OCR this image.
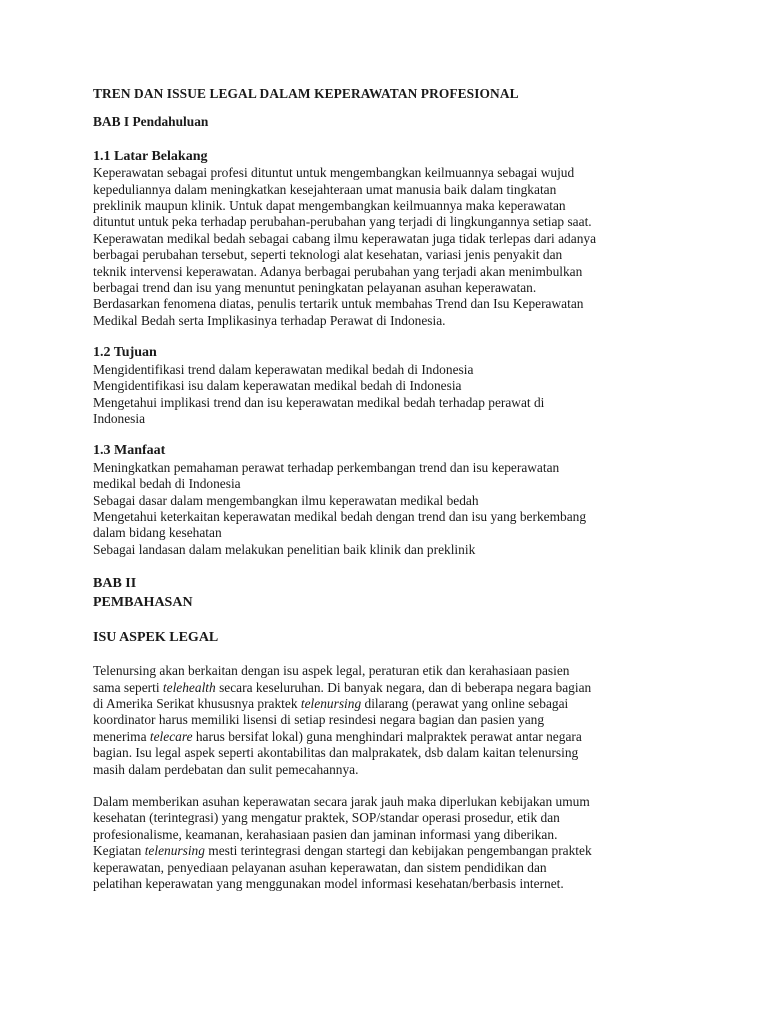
TREN DAN ISSUE LEGAL DALAM KEPERAWATAN PROFESIONAL
BAB I Pendahuluan
1.1 Latar Belakang
Keperawatan sebagai profesi dituntut untuk mengembangkan keilmuannya sebagai wujud
kepeduliannya dalam meningkatkan kesejahteraan umat manusia baik dalam tingkatan
preklinik maupun klinik. Untuk dapat mengembangkan keilmuannya maka keperawatan
dituntut untuk peka terhadap perubahan-perubahan yang terjadi di lingkungannya setiap saat.
Keperawatan medikal bedah sebagai cabang ilmu keperawatan juga tidak terlepas dari adanya
berbagai perubahan tersebut, seperti teknologi alat kesehatan, variasi jenis penyakit dan
teknik intervensi keperawatan. Adanya berbagai perubahan yang terjadi akan menimbulkan
berbagai trend dan isu yang menuntut peningkatan pelayanan asuhan keperawatan.
Berdasarkan fenomena diatas, penulis tertarik untuk membahas Trend dan Isu Keperawatan
Medikal Bedah serta Implikasinya terhadap Perawat di Indonesia.
1.2 Tujuan
Mengidentifikasi trend dalam keperawatan medikal bedah di Indonesia
Mengidentifikasi isu dalam keperawatan medikal bedah di Indonesia
Mengetahui implikasi trend dan isu keperawatan medikal bedah terhadap perawat di
Indonesia
1.3 Manfaat
Meningkatkan pemahaman perawat terhadap perkembangan trend dan isu keperawatan
medikal bedah di Indonesia
Sebagai dasar dalam mengembangkan ilmu keperawatan medikal bedah
Mengetahui keterkaitan keperawatan medikal bedah dengan trend dan isu yang berkembang
dalam bidang kesehatan
Sebagai landasan dalam melakukan penelitian baik klinik dan preklinik
BAB II
PEMBAHASAN
ISU ASPEK LEGAL
Telenursing akan berkaitan dengan isu aspek legal, peraturan etik dan kerahasiaan pasien
sama seperti telehealth secara keseluruhan. Di banyak negara, dan di beberapa negara bagian
di Amerika Serikat khususnya praktek telenursing dilarang (perawat yang online sebagai
koordinator harus memiliki lisensi di setiap resindesi negara bagian dan pasien yang
menerima telecare harus bersifat lokal) guna menghindari malpraktek perawat antar negara
bagian. Isu legal aspek seperti akontabilitas dan malprakatek, dsb dalam kaitan telenursing
masih dalam perdebatan dan sulit pemecahannya.
Dalam memberikan asuhan keperawatan secara jarak jauh maka diperlukan kebijakan umum
kesehatan (terintegrasi) yang mengatur praktek, SOP/standar operasi prosedur, etik dan
profesionalisme, keamanan, kerahasiaan pasien dan jaminan informasi yang diberikan.
Kegiatan telenursing mesti terintegrasi dengan startegi dan kebijakan pengembangan praktek
keperawatan, penyediaan pelayanan asuhan keperawatan, dan sistem pendidikan dan
pelatihan keperawatan yang menggunakan model informasi kesehatan/berbasis internet.
